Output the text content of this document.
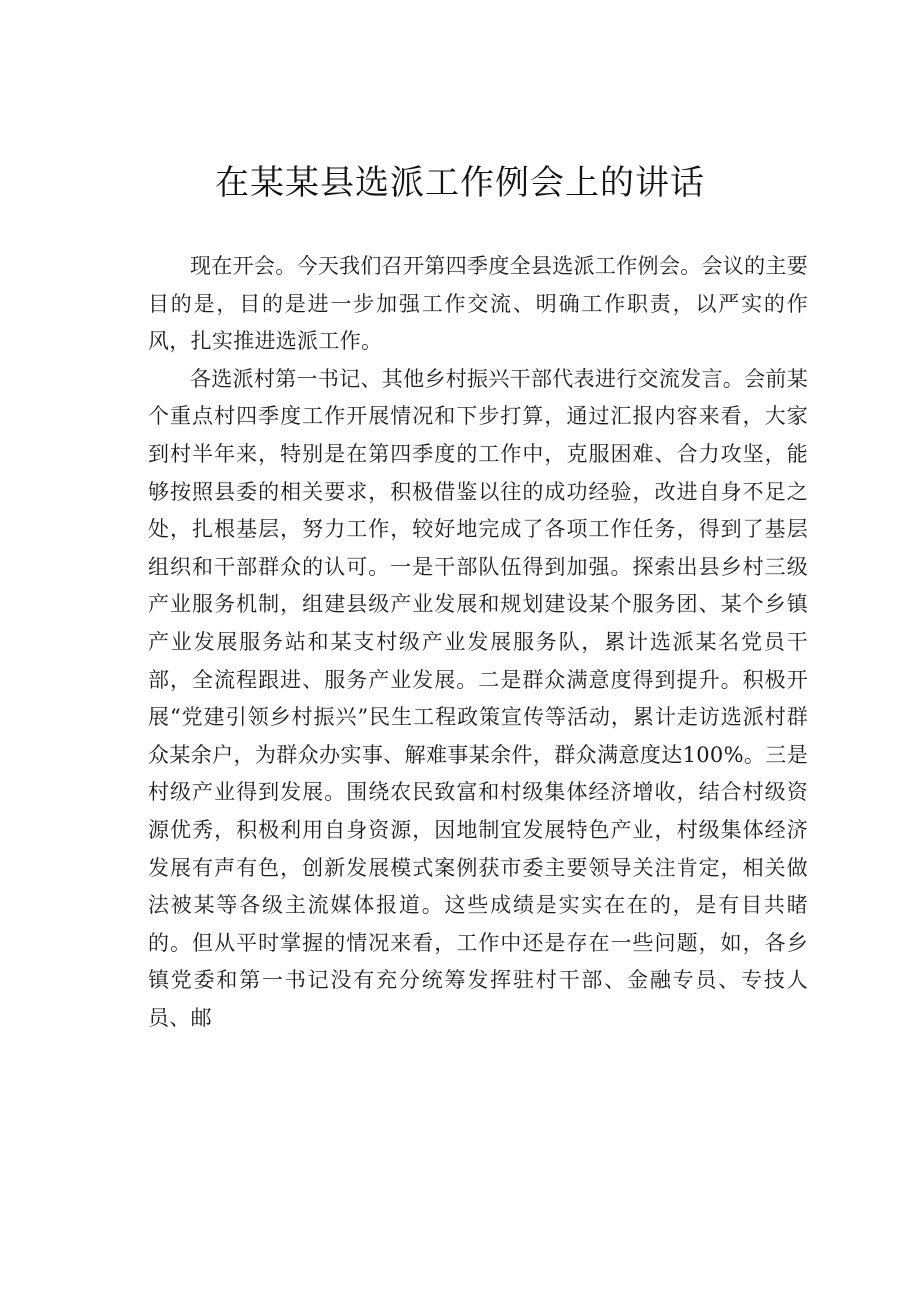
在某某县选派工作例会上的讲话

现在开会。今天我们召开第四季度全县选派工作例会。会议的主要目的是，目的是进一步加强工作交流、明确工作职责，以严实的作风，扎实推进选派工作。

各选派村第一书记、其他乡村振兴干部代表进行交流发言。会前某个重点村四季度工作开展情况和下步打算，通过汇报内容来看，大家到村半年来，特别是在第四季度的工作中，克服困难、合力攻坚，能够按照县委的相关要求，积极借鉴以往的成功经验，改进自身不足之处，扎根基层，努力工作，较好地完成了各项工作任务，得到了基层组织和干部群众的认可。一是干部队伍得到加强。探索出县乡村三级产业服务机制，组建县级产业发展和规划建设某个服务团、某个乡镇产业发展服务站和某支村级产业发展服务队，累计选派某名党员干部，全流程跟进、服务产业发展。二是群众满意度得到提升。积极开展“党建引领乡村振兴”民生工程政策宣传等活动，累计走访选派村群众某余户，为群众办实事、解难事某余件，群众满意度达100%。三是村级产业得到发展。围绕农民致富和村级集体经济增收，结合村级资源优秀，积极利用自身资源，因地制宜发展特色产业，村级集体经济发展有声有色，创新发展模式案例获市委主要领导关注肯定，相关做法被某等各级主流媒体报道。这些成绩是实实在在的，是有目共睹的。但从平时掌握的情况来看，工作中还是存在一些问题，如，各乡镇党委和第一书记没有充分统筹发挥驻村干部、金融专员、专技人员、邮
